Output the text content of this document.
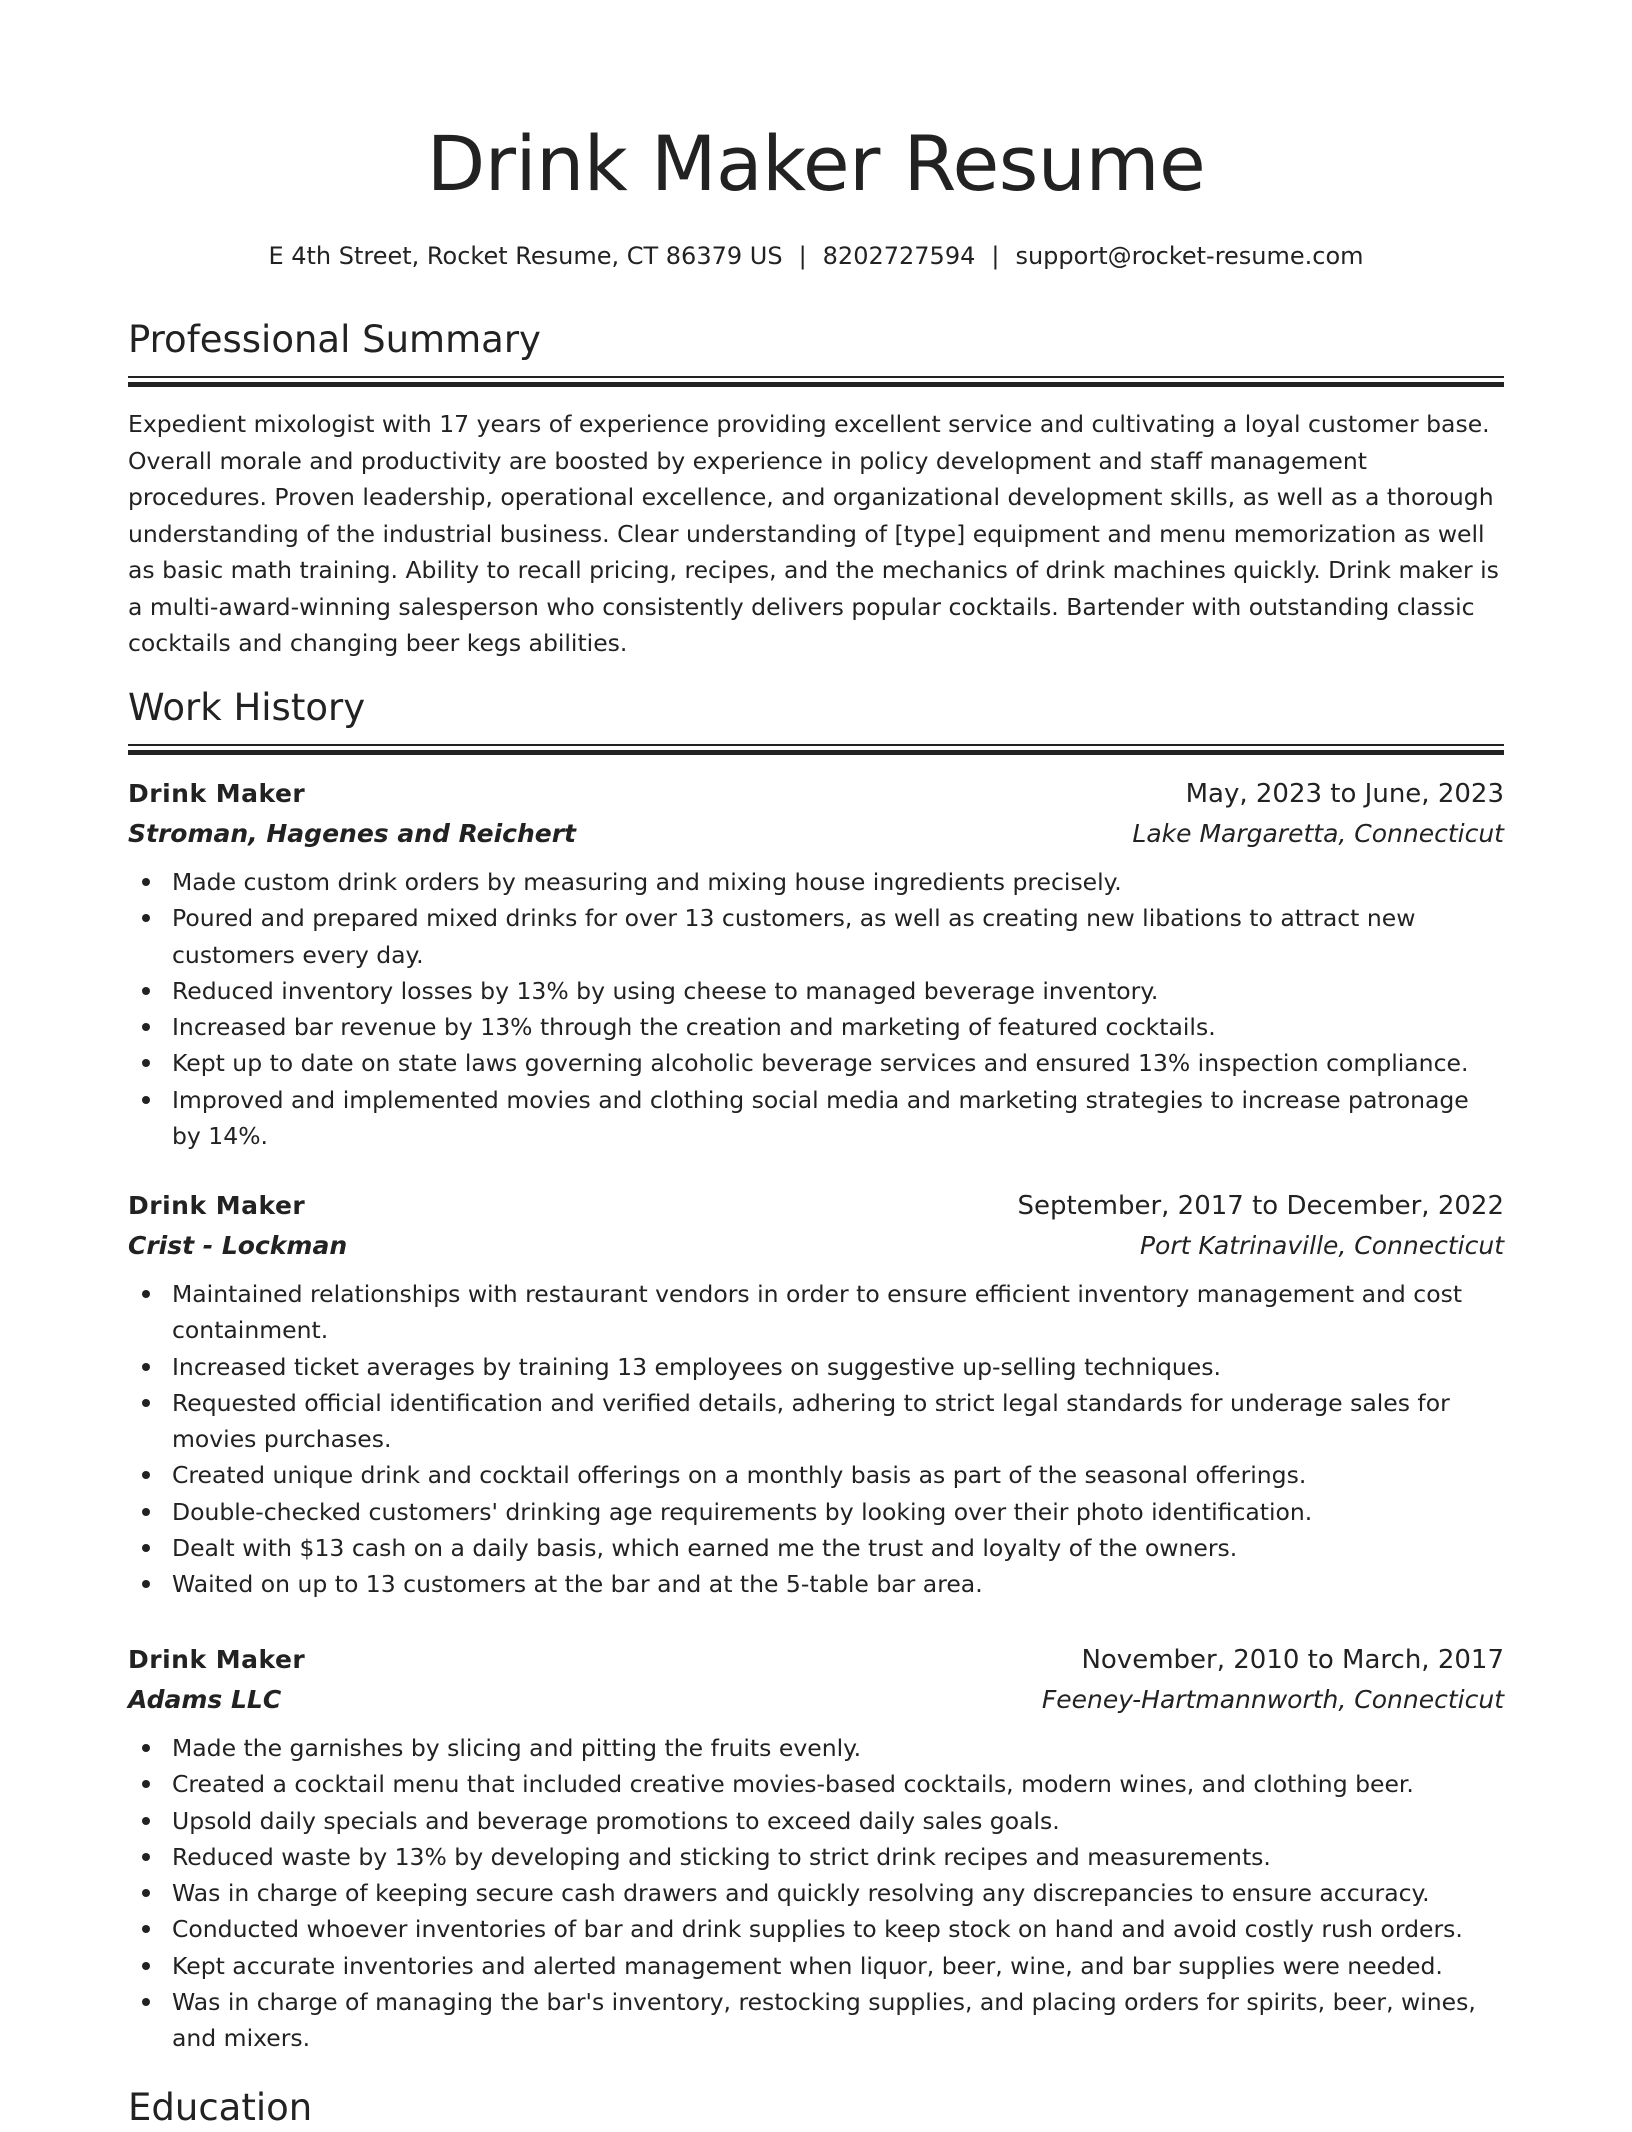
Drink Maker Resume
E 4th Street, Rocket Resume, CT 86379 US | 8202727594 | support@rocket-resume.com
Professional Summary

Expedient mixologist with 17 years of experience providing excellent service and cultivating a loyal customer base. Overall morale and productivity are boosted by experience in policy development and staff management procedures. Proven leadership, operational excellence, and organizational development skills, as well as a thorough understanding of the industrial business. Clear understanding of [type] equipment and menu memorization as well as basic math training. Ability to recall pricing, recipes, and the mechanics of drink machines quickly. Drink maker is a multi-award-winning salesperson who consistently delivers popular cocktails. Bartender with outstanding classic cocktails and changing beer kegs abilities.

Work History
Drink Maker	May, 2023 to June, 2023
Stroman, Hagenes and Reichert	Lake Margaretta, Connecticut
Made custom drink orders by measuring and mixing house ingredients precisely.
Poured and prepared mixed drinks for over 13 customers, as well as creating new libations to attract new customers every day.
Reduced inventory losses by 13% by using cheese to managed beverage inventory.
Increased bar revenue by 13% through the creation and marketing of featured cocktails.
Kept up to date on state laws governing alcoholic beverage services and ensured 13% inspection compliance.
Improved and implemented movies and clothing social media and marketing strategies to increase patronage by 14%.
Drink Maker	September, 2017 to December, 2022
Crist - Lockman	Port Katrinaville, Connecticut
Maintained relationships with restaurant vendors in order to ensure efficient inventory management and cost containment.
Increased ticket averages by training 13 employees on suggestive up-selling techniques.
Requested official identification and verified details, adhering to strict legal standards for underage sales for movies purchases.
Created unique drink and cocktail offerings on a monthly basis as part of the seasonal offerings.
Double-checked customers' drinking age requirements by looking over their photo identification.
Dealt with $13 cash on a daily basis, which earned me the trust and loyalty of the owners.
Waited on up to 13 customers at the bar and at the 5-table bar area.
Drink Maker	November, 2010 to March, 2017
Adams LLC	Feeney-Hartmannworth, Connecticut
Made the garnishes by slicing and pitting the fruits evenly.
Created a cocktail menu that included creative movies-based cocktails, modern wines, and clothing beer.
Upsold daily specials and beverage promotions to exceed daily sales goals.
Reduced waste by 13% by developing and sticking to strict drink recipes and measurements.
Was in charge of keeping secure cash drawers and quickly resolving any discrepancies to ensure accuracy.
Conducted whoever inventories of bar and drink supplies to keep stock on hand and avoid costly rush orders.
Kept accurate inventories and alerted management when liquor, beer, wine, and bar supplies were needed.
Was in charge of managing the bar's inventory, restocking supplies, and placing orders for spirits, beer, wines, and mixers.
Education
